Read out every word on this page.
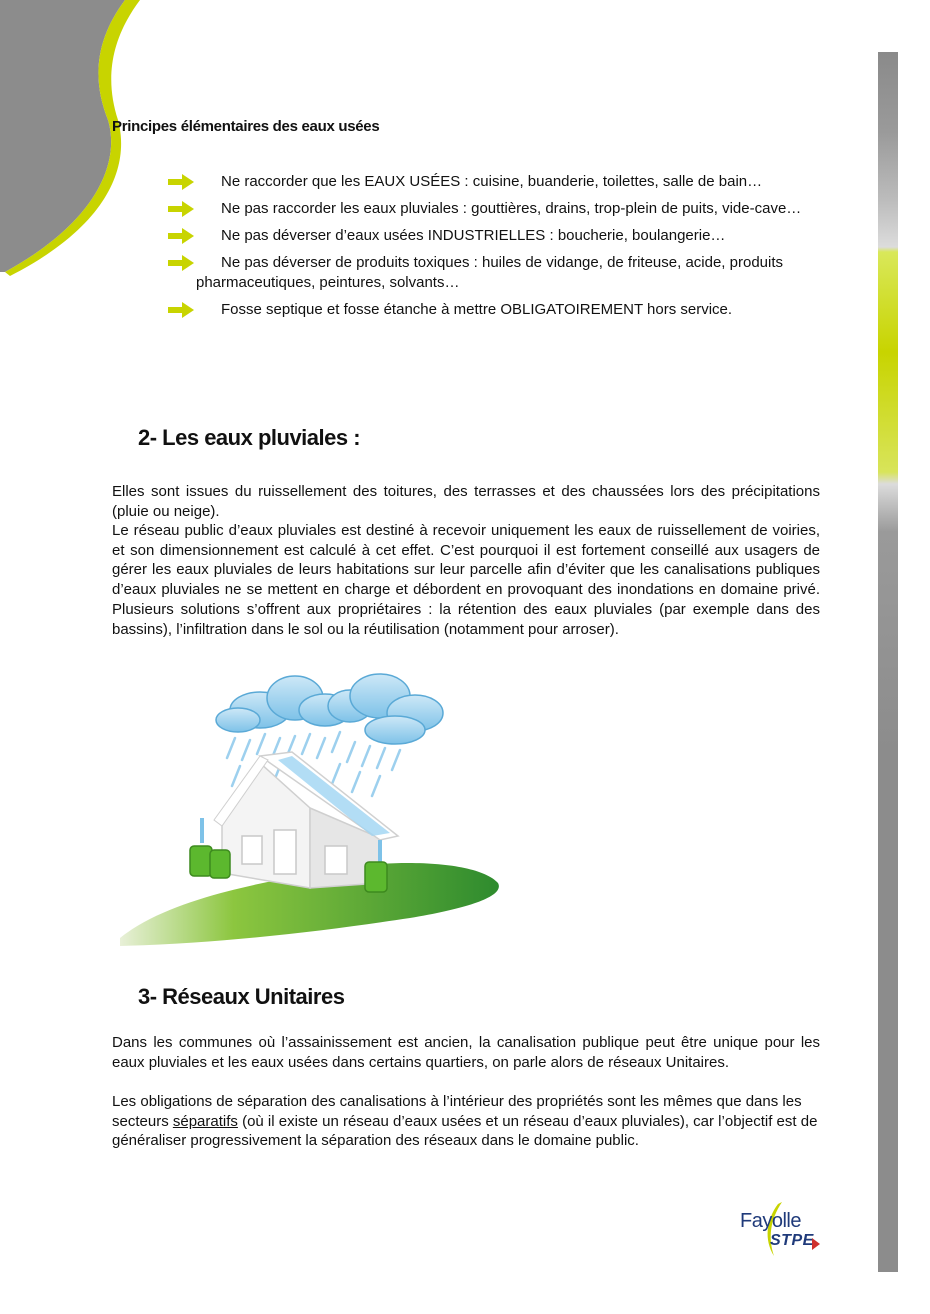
Principes élémentaires des eaux usées
Ne raccorder que les EAUX USÉES : cuisine, buanderie, toilettes, salle de bain…
Ne pas raccorder les eaux pluviales : gouttières, drains, trop-plein de puits, vide-cave…
Ne pas déverser d’eaux usées INDUSTRIELLES : boucherie, boulangerie…
Ne pas déverser de produits toxiques : huiles de vidange, de friteuse, acide, produits pharmaceutiques, peintures, solvants…
Fosse septique et fosse étanche à mettre OBLIGATOIREMENT hors service.
2- Les eaux pluviales :

Elles sont issues du ruissellement des toitures, des terrasses et des chaussées lors des précipitations (pluie ou neige).

Le réseau public d’eaux pluviales est destiné à recevoir uniquement les eaux de ruissellement de voiries, et son dimensionnement est calculé à cet effet. C’est pourquoi il est fortement conseillé aux usagers de gérer les eaux pluviales de leurs habitations sur leur parcelle afin d’éviter que les canalisations publiques d’eaux pluviales ne se mettent en charge et débordent en provoquant des inondations en domaine privé. Plusieurs solutions s’offrent aux propriétaires : la rétention des eaux pluviales (par exemple dans des bassins), l’infiltration dans le sol ou la réutilisation (notamment pour arroser).

3- Réseaux Unitaires

Dans les communes où l’assainissement est ancien, la canalisation publique peut être unique pour les eaux pluviales et les eaux usées dans certains quartiers, on parle alors de réseaux Unitaires.

Les obligations de séparation des canalisations à l’intérieur des propriétés sont les mêmes que dans les secteurs séparatifs (où il existe un réseau d’eaux usées et un réseau d’eaux pluviales), car l’objectif est de généraliser progressivement la séparation des réseaux dans le domaine public.

Fayolle
STPE
